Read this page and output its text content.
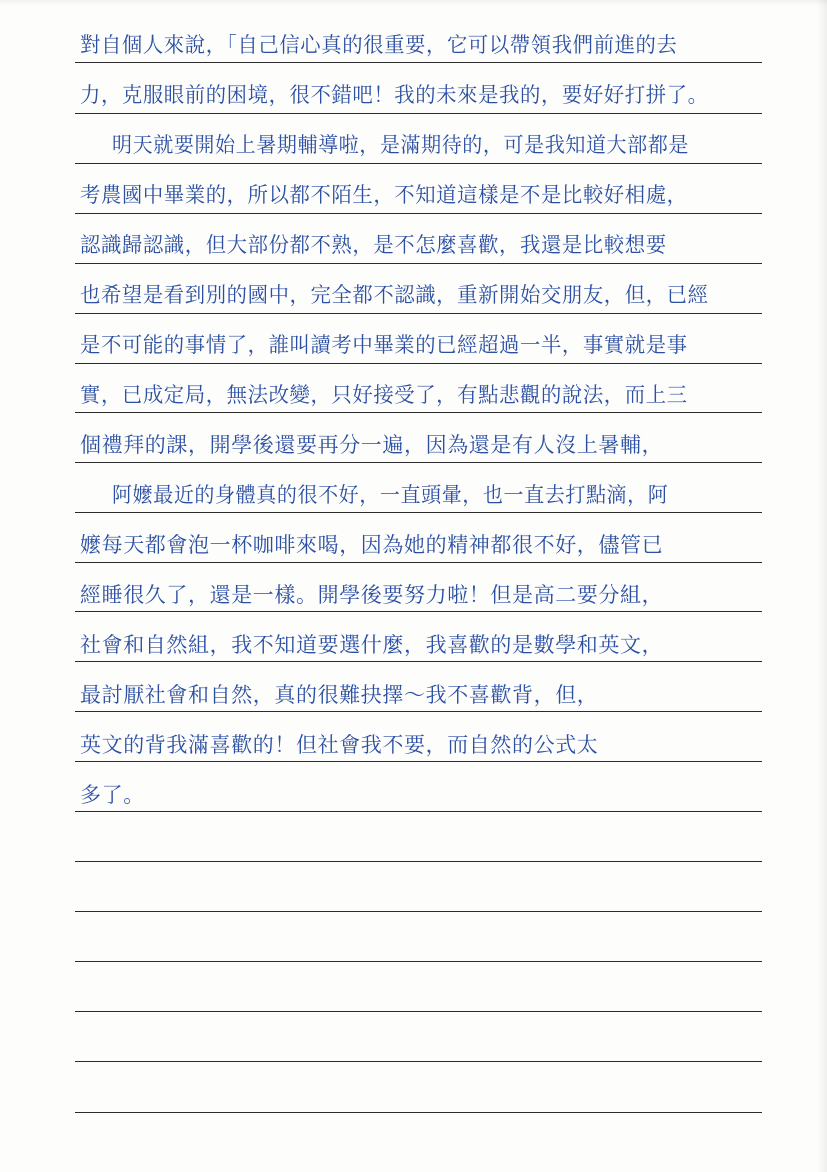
對自個人來說，「自己信心真的很重要，它可以帶領我們前進的去
力，克服眼前的困境，很不錯吧！我的未來是我的，要好好打拼了。
明天就要開始上暑期輔導啦，是滿期待的，可是我知道大部都是
考農國中畢業的，所以都不陌生，不知道這樣是不是比較好相處，
認識歸認識，但大部份都不熟，是不怎麼喜歡，我還是比較想要
也希望是看到別的國中，完全都不認識，重新開始交朋友，但，已經
是不可能的事情了，誰叫讀考中畢業的已經超過一半，事實就是事
實，已成定局，無法改變，只好接受了，有點悲觀的說法，而上三
個禮拜的課，開學後還要再分一遍，因為還是有人沒上暑輔，
阿嬤最近的身體真的很不好，一直頭暈，也一直去打點滴，阿
嬤每天都會泡一杯咖啡來喝，因為她的精神都很不好，儘管已
經睡很久了，還是一樣。開學後要努力啦！但是高二要分組，
社會和自然組，我不知道要選什麼，我喜歡的是數學和英文，
最討厭社會和自然，真的很難抉擇～我不喜歡背，但，
英文的背我滿喜歡的！但社會我不要，而自然的公式太
多了。
